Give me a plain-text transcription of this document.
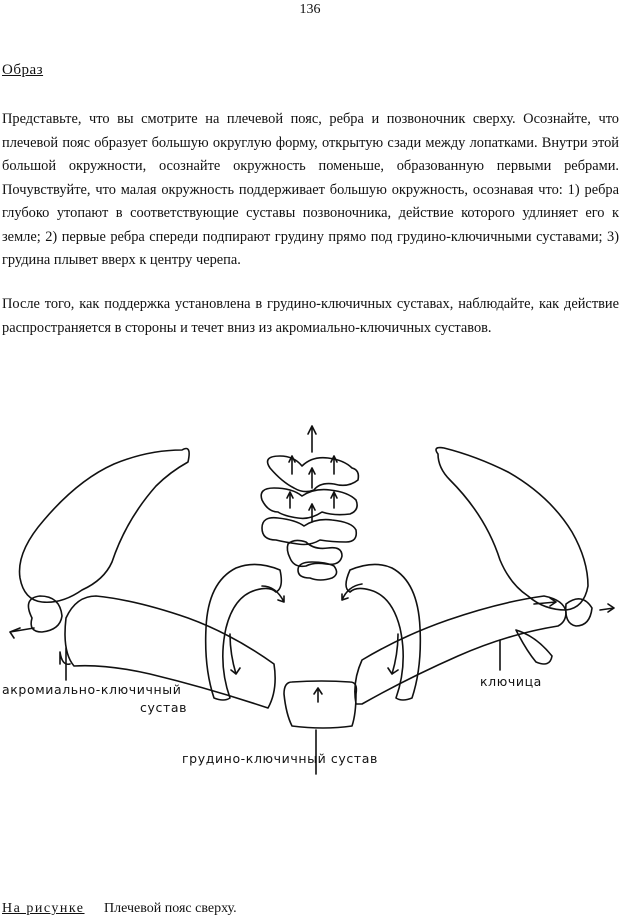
136
Образ

Представьте, что вы смотрите на плечевой пояс, ребра и позвоночник сверху. Осознайте, что плечевой пояс образует большую округлую форму, открытую сзади между лопатками. Внутри этой большой окружности, осознайте окружность поменьше, образованную первыми ребрами. Почувствуйте, что малая окружность поддерживает большую окружность, осознавая что: 1) ребра глубоко утопают в соответствующие суставы позвоночника, действие которого удлиняет его к земле; 2) первые ребра спереди подпирают грудину прямо под грудино-ключичными суставами; 3) грудина плывет вверх к центру черепа.

После того, как поддержка установлена в грудино-ключичных суставах, наблюдайте, как действие распространяется в стороны и течет вниз из акромиально-ключичных суставов.

акромиально-ключичный
сустав
ключица
грудино-ключичный сустав
На рисунке Плечевой пояс сверху.
